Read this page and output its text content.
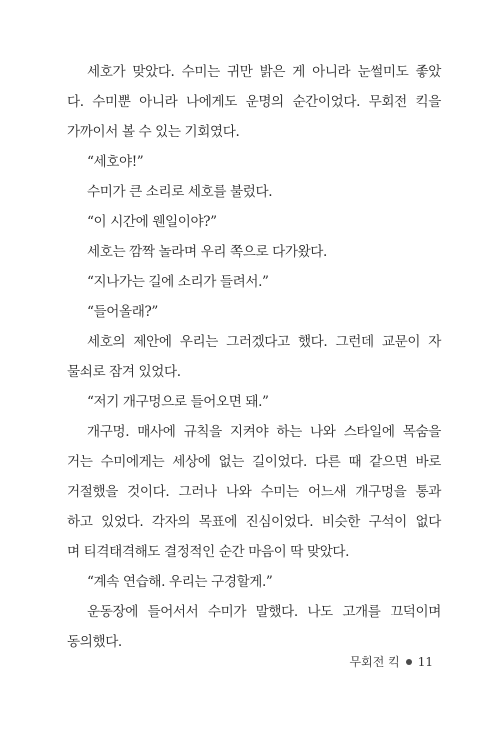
세호가 맞았다. 수미는 귀만 밝은 게 아니라 눈썰미도 좋았
다. 수미뿐 아니라 나에게도 운명의 순간이었다. 무회전 킥을
가까이서 볼 수 있는 기회였다.
“세호야!”
수미가 큰 소리로 세호를 불렀다.
“이 시간에 웬일이야?”
세호는 깜짝 놀라며 우리 쪽으로 다가왔다.
“지나가는 길에 소리가 들려서.”
“들어올래?”
세호의 제안에 우리는 그러겠다고 했다. 그런데 교문이 자
물쇠로 잠겨 있었다.
“저기 개구멍으로 들어오면 돼.”
개구멍. 매사에 규칙을 지켜야 하는 나와 스타일에 목숨을
거는 수미에게는 세상에 없는 길이었다. 다른 때 같으면 바로
거절했을 것이다. 그러나 나와 수미는 어느새 개구멍을 통과
하고 있었다. 각자의 목표에 진심이었다. 비슷한 구석이 없다
며 티격태격해도 결정적인 순간 마음이 딱 맞았다.
“계속 연습해. 우리는 구경할게.”
운동장에 들어서서 수미가 말했다. 나도 고개를 끄덕이며
동의했다.
무회전 킥 11
